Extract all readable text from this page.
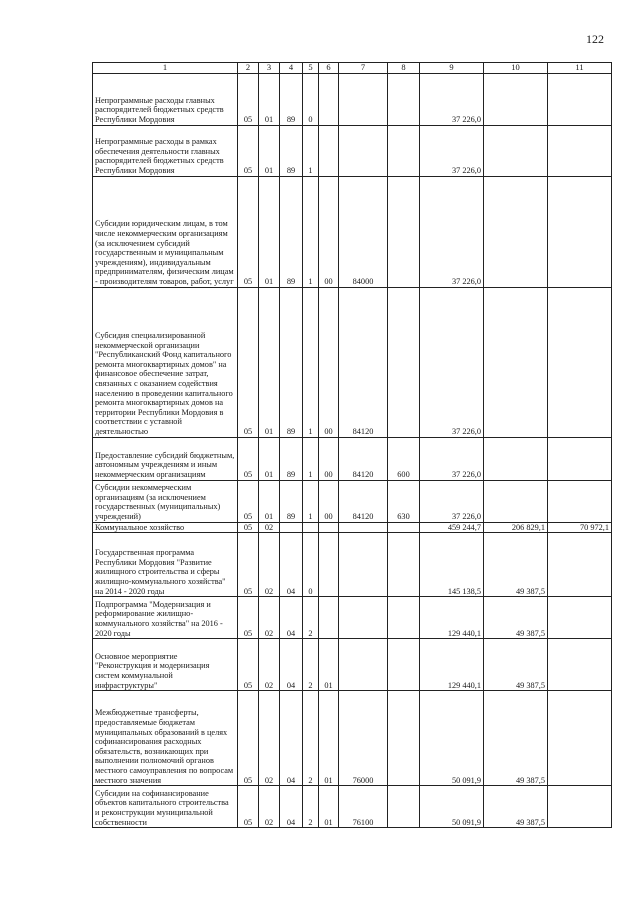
122
1	2	3	4	5	6	7	8	9	10	11
Непрограммные расходы главных распорядителей бюджетных средств Республики Мордовия	05	01	89	0				37 226,0		
Непрограммные расходы в рамках обеспечения деятельности главных распорядителей бюджетных средств Республики Мордовия	05	01	89	1				37 226,0		
Субсидии юридическим лицам, в том числе некоммерческим организациям (за исключением субсидий государственным и муниципальным учреждениям), индивидуальным предпринимателям, физическим лицам - производителям товаров, работ, услуг	05	01	89	1	00	84000		37 226,0		
Субсидия специализированной некоммерческой организации "Республиканский Фонд капитального ремонта многоквартирных домов" на финансовое обеспечение затрат, связанных с оказанием содействия населению в проведении капитального ремонта многоквартирных домов на территории Республики Мордовия в соответствии с уставной деятельностью	05	01	89	1	00	84120		37 226,0		
Предоставление субсидий бюджетным, автономным учреждениям и иным некоммерческим организациям	05	01	89	1	00	84120	600	37 226,0		
Субсидии некоммерческим организациям (за исключением государственных (муниципальных) учреждений)	05	01	89	1	00	84120	630	37 226,0		
Коммунальное хозяйство	05	02						459 244,7	206 829,1	70 972,1
Государственная программа Республики Мордовия "Развитие жилищного строительства и сферы жилищно-коммунального хозяйства" на 2014 - 2020 годы	05	02	04	0				145 138,5	49 387,5	
Подпрограмма "Модернизация и реформирование жилищно-коммунального хозяйства" на 2016 - 2020 годы	05	02	04	2				129 440,1	49 387,5	
Основное мероприятие "Реконструкция и модернизация систем коммунальной инфраструктуры"	05	02	04	2	01			129 440,1	49 387,5	
Межбюджетные трансферты, предоставляемые бюджетам муниципальных образований в целях софинансирования расходных обязательств, возникающих при выполнении полномочий органов местного самоуправления по вопросам местного значения	05	02	04	2	01	76000		50 091,9	49 387,5	
Субсидии на софинансирование объектов капитального строительства и реконструкции муниципальной собственности	05	02	04	2	01	76100		50 091,9	49 387,5	
